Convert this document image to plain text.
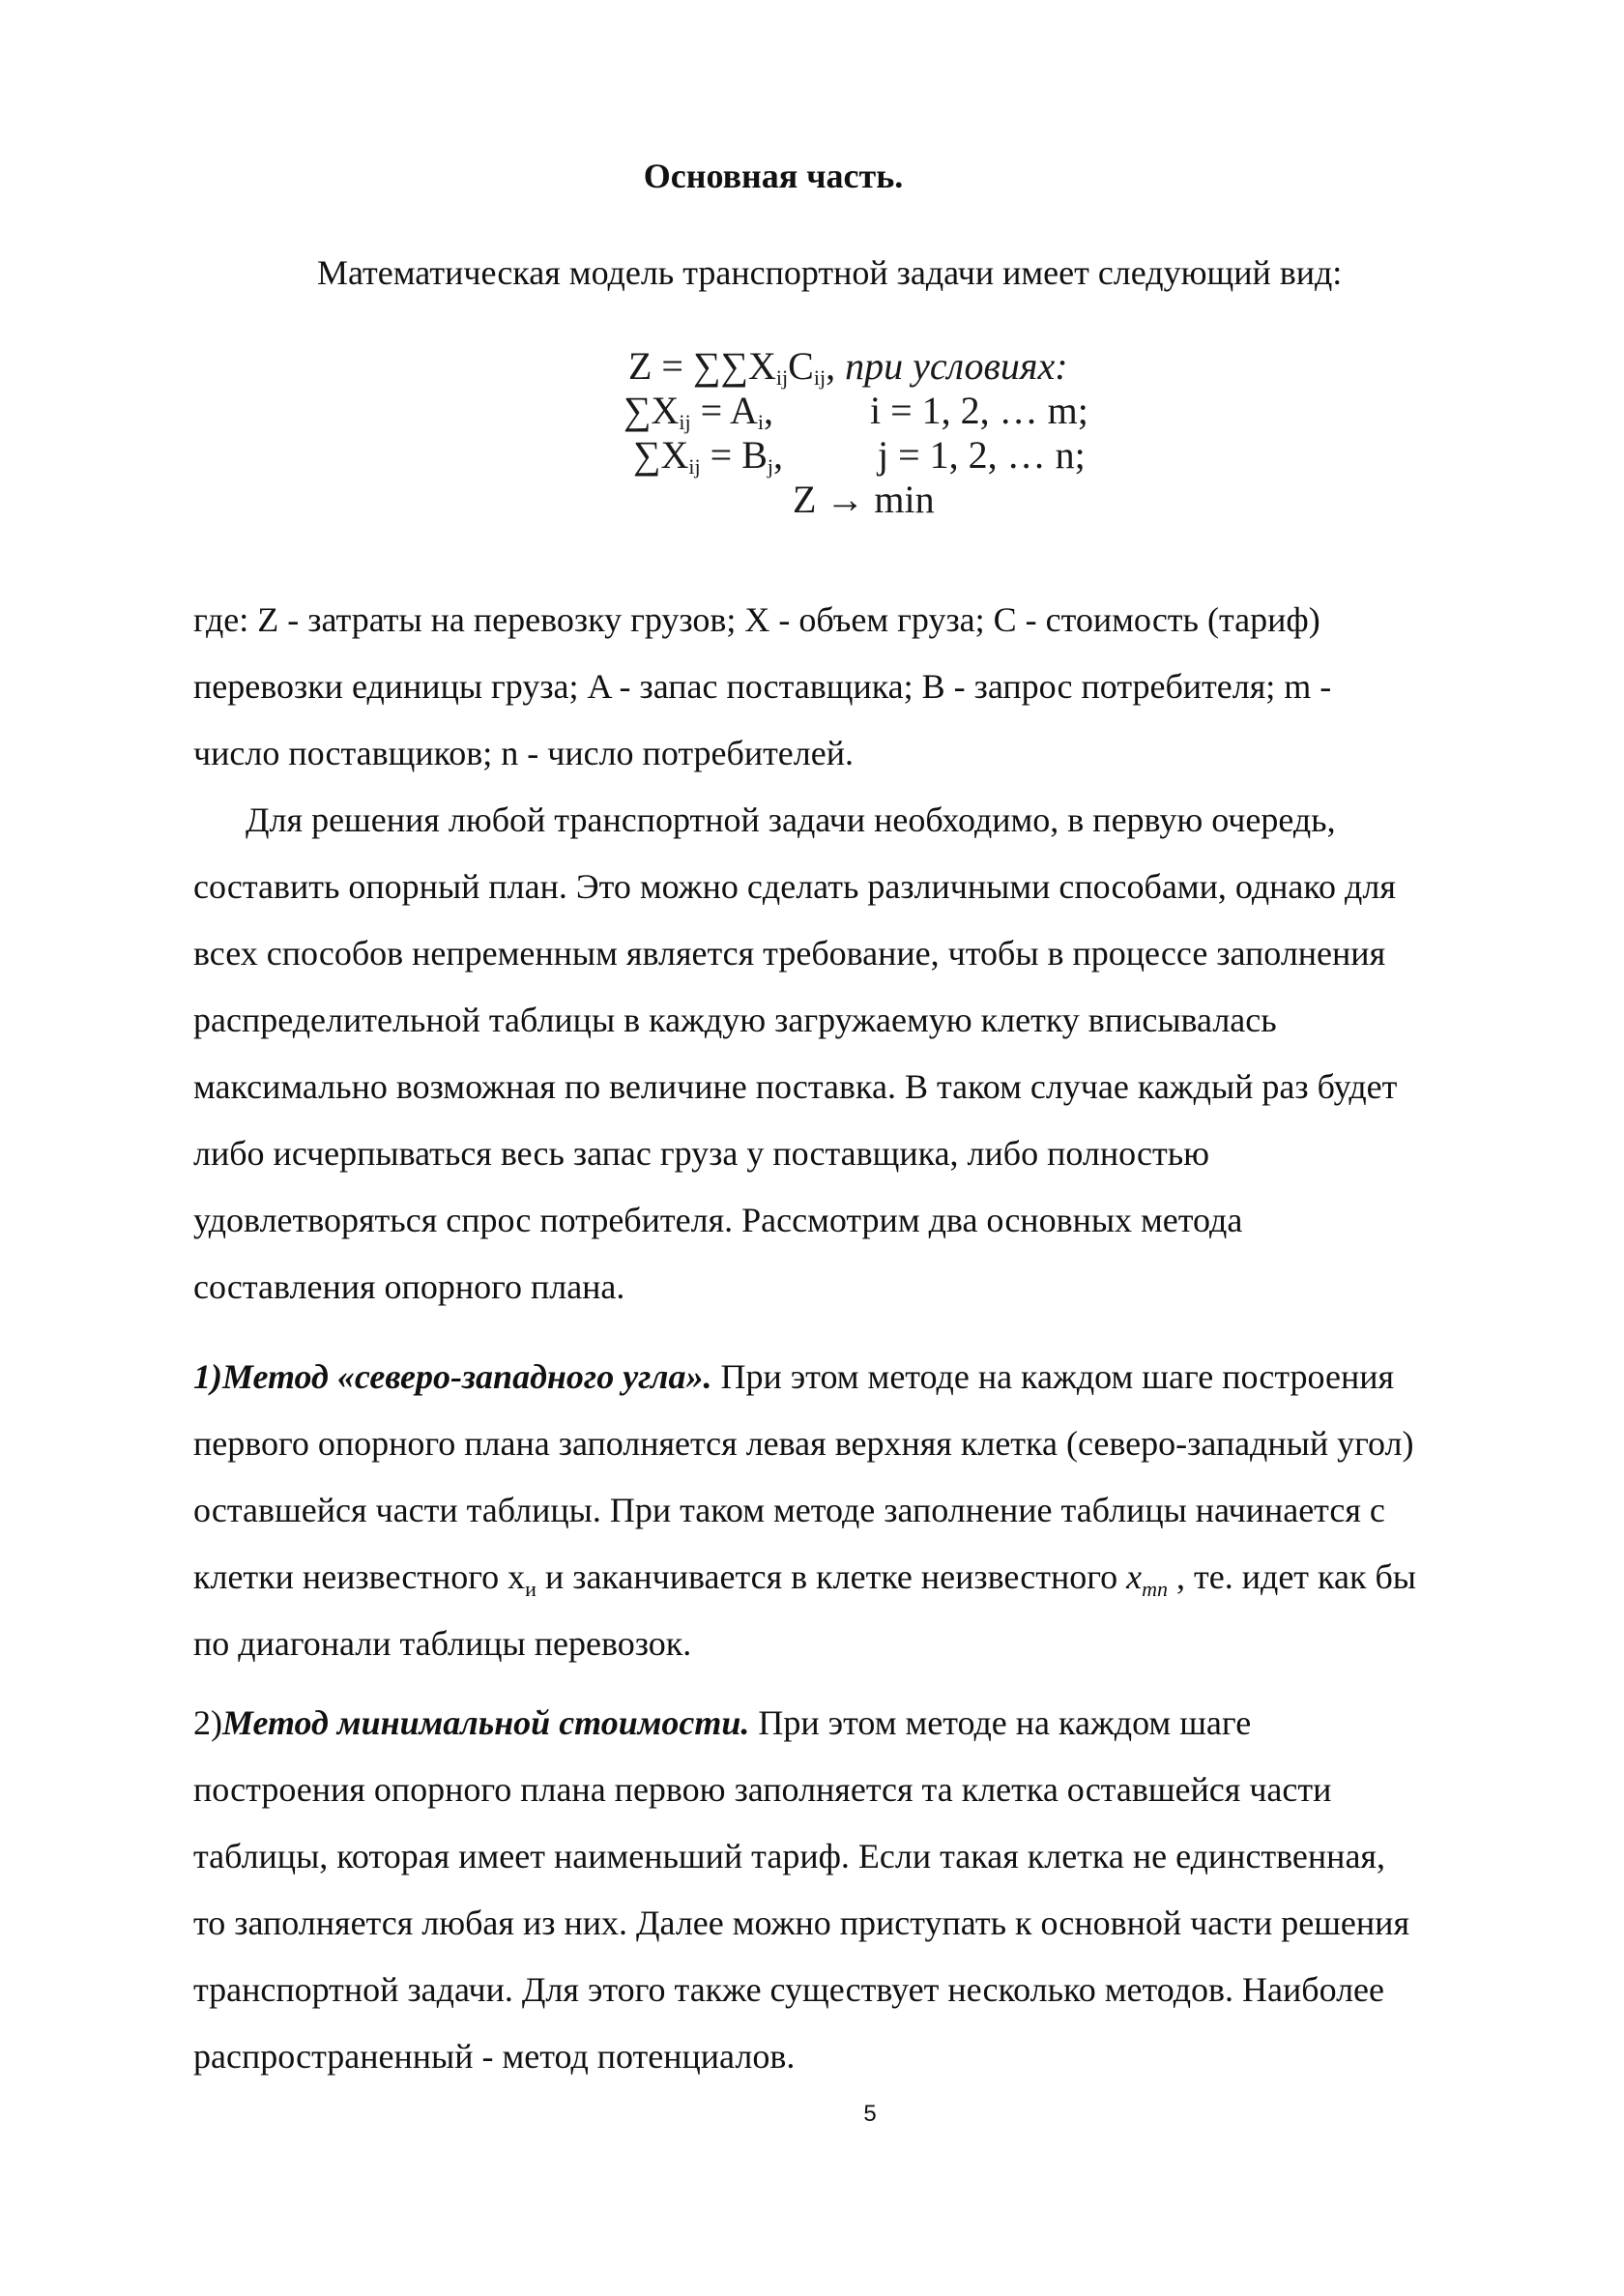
Основная часть.
Математическая модель транспортной задачи имеет следующий вид:
$Z = \sum\sum X_{ij}C_{ij}$, при условиях:
$\sum X_{ij} = A_i$, i = 1, 2, … m;
$\sum X_{ij} = B_j$, j = 1, 2, … n;
Z → min
где: Z - затраты на перевозку грузов; X - объем груза; C - стоимость (тариф)
перевозки единицы груза; A - запас поставщика; B - запрос потребителя; m -
число поставщиков; n - число потребителей.
Для решения любой транспортной задачи необходимо, в первую очередь,
составить опорный план. Это можно сделать различными способами, однако для
всех способов непременным является требование, чтобы в процессе заполнения
распределительной таблицы в каждую загружаемую клетку вписывалась
максимально возможная по величине поставка. В таком случае каждый раз будет
либо исчерпываться весь запас груза у поставщика, либо полностью
удовлетворяться спрос потребителя. Рассмотрим два основных метода
составления опорного плана.
1)Метод «северо-западного угла». При этом методе на каждом шаге построения
первого опорного плана заполняется левая верхняя клетка (северо-западный угол)
оставшейся части таблицы. При таком методе заполнение таблицы начинается с
клетки неизвестного $х_и$ и заканчивается в клетке неизвестного $x_{mn}$ , те. идет как бы
по диагонали таблицы перевозок.
2)Метод минимальной стоимости. При этом методе на каждом шаге
построения опорного плана первою заполняется та клетка оставшейся части
таблицы, которая имеет наименьший тариф. Если такая клетка не единственная,
то заполняется любая из них. Далее можно приступать к основной части решения
транспортной задачи. Для этого также существует несколько методов. Наиболее
распространенный - метод потенциалов.
5
